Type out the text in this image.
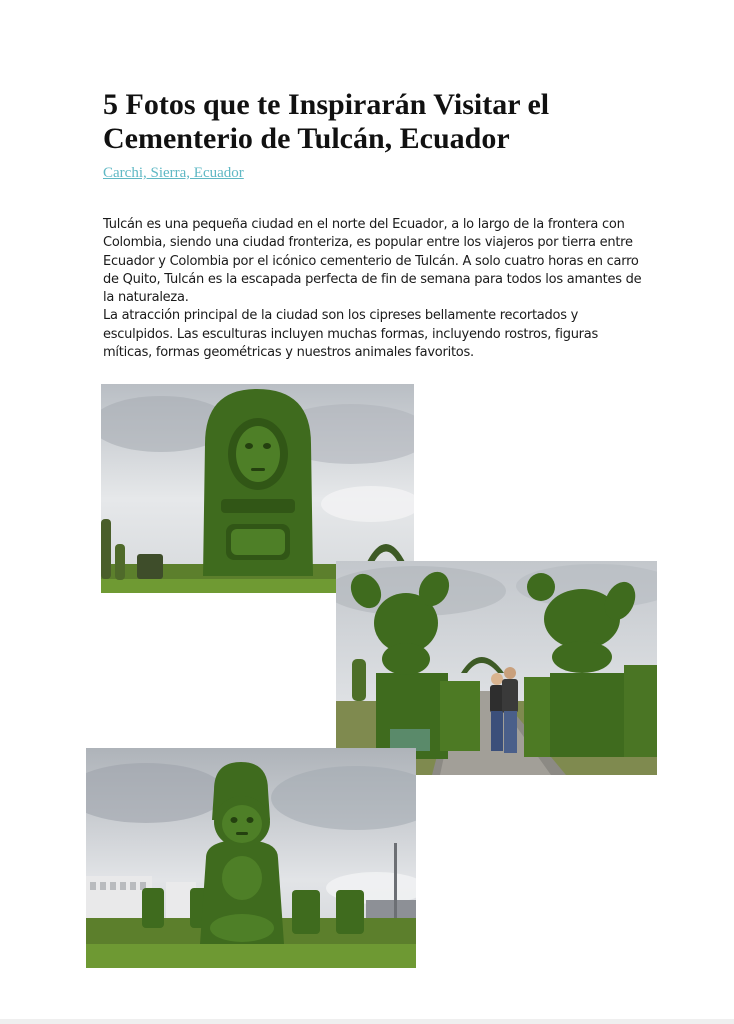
5 Fotos que te Inspirarán Visitar el Cementerio de Tulcán, Ecuador
Carchi, Sierra, Ecuador

Tulcán es una pequeña ciudad en el norte del Ecuador, a lo largo de la frontera con Colombia, siendo una ciudad fronteriza, es popular entre los viajeros por tierra entre Ecuador y Colombia por el icónico cementerio de Tulcán. A solo cuatro horas en carro de Quito, Tulcán es la escapada perfecta de fin de semana para todos los amantes de la naturaleza.

La atracción principal de la ciudad son los cipreses bellamente recortados y esculpidos. Las esculturas incluyen muchas formas, incluyendo rostros, figuras míticas, formas geométricas y nuestros animales favoritos.
